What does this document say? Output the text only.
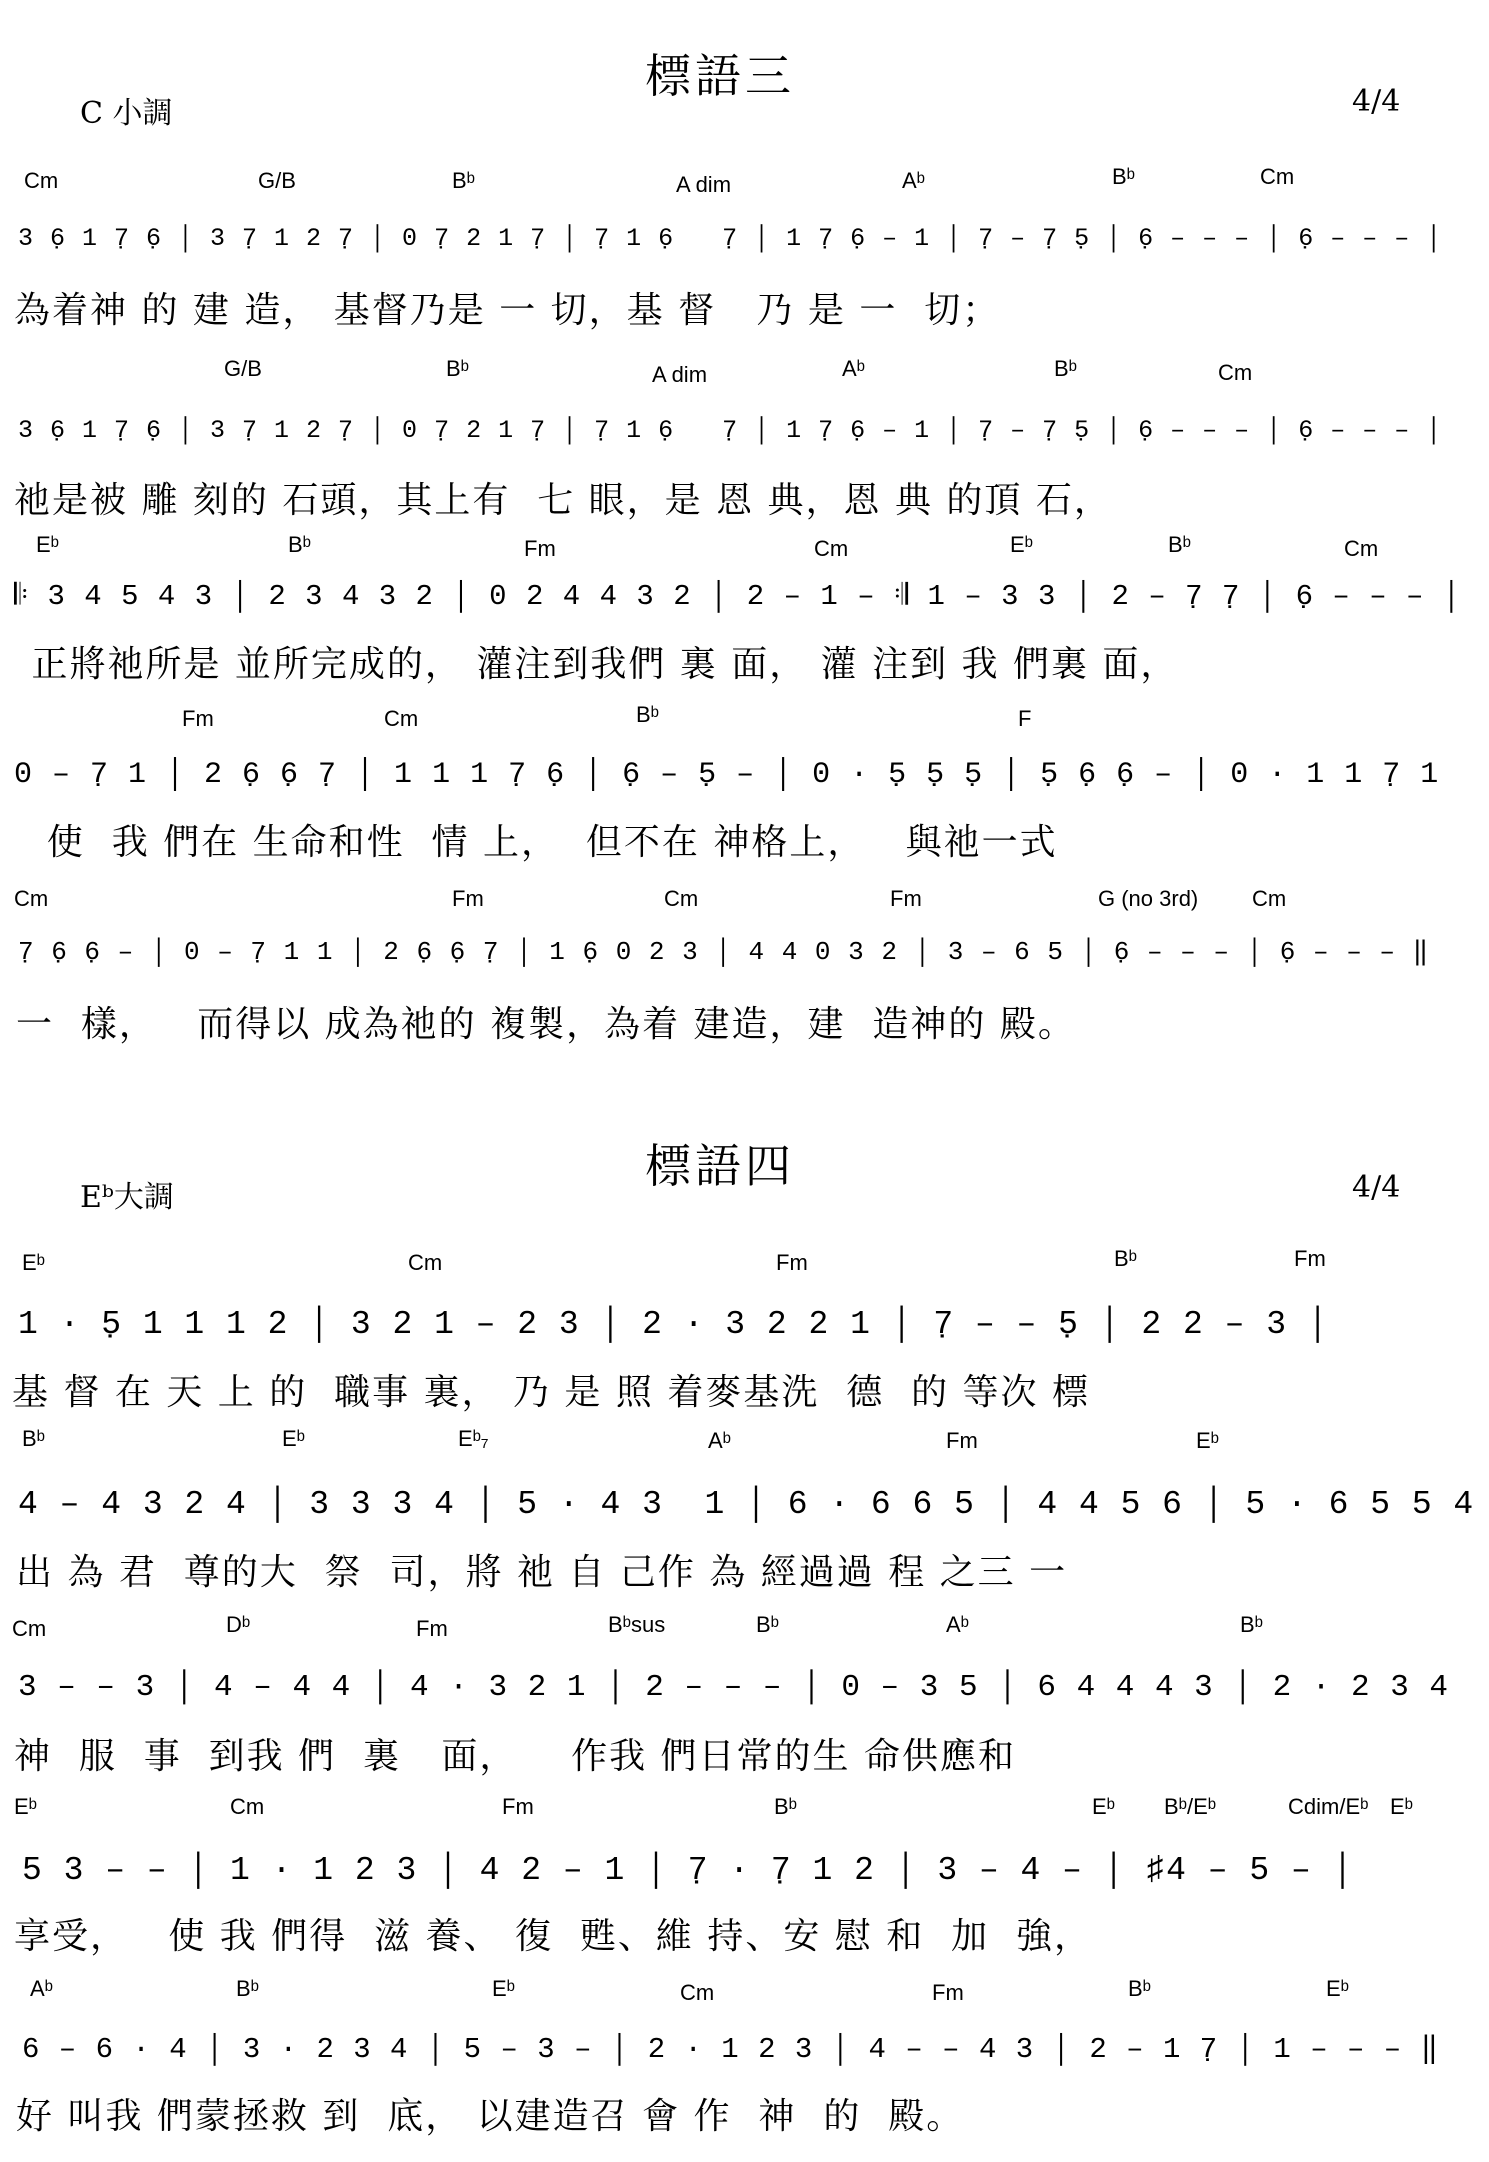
標語三
C 小調	4/4
Cm	G/B	Bᵇ	A dim	Aᵇ	Bᵇ	Cm
3 6̣ 1 7̣ 6̣ │ 3 7̣ 1 2 7̣ │ 0 7̣ 2 1 7̣ │ 7̣ 1 6̣   7̣ │ 1 7̣ 6̣ – 1 │ 7̣ – 7̣ 5̣ │ 6̣ – – – │ 6̣ – – – │
為着神 的 建 造， 基督乃是 一 切，基 督   乃 是 一  切；
G/B	Bᵇ	A dim	Aᵇ	Bᵇ	Cm
3 6̣ 1 7̣ 6̣ │ 3 7̣ 1 2 7̣ │ 0 7̣ 2 1 7̣ │ 7̣ 1 6̣   7̣ │ 1 7̣ 6̣ – 1 │ 7̣ – 7̣ 5̣ │ 6̣ – – – │ 6̣ – – – │
祂是被 雕 刻的 石頭，其上有  七 眼，是 恩 典，恩 典 的頂 石，
Eᵇ	Bᵇ	Fm	Cm	Eᵇ	Bᵇ	Cm
𝄆 3 4 5 4 3 │ 2 3 4 3 2 │ 0 2 4 4 3 2 │ 2 – 1 – 𝄇 1 – 3 3 │ 2 – 7̣ 7̣ │ 6̣ – – – │
正將祂所是 並所完成的， 灌注到我們 裏 面， 灌 注到 我 們裏 面，
Fm	Cm	Bᵇ	F
0 – 7̣ 1 │ 2 6̣ 6̣ 7̣ │ 1 1 1 7̣ 6̣ │ 6̣ – 5̣ – │ 0 · 5̣ 5̣ 5̣ │ 5̣ 6̣ 6̣ – │ 0 · 1 1 7̣ 1
使  我 們在 生命和性  情 上，  但不在 神格上，   與祂一式
Cm	Fm	Cm	Fm	G (no 3rd) Cm
7̣ 6̣ 6̣ – │ 0 – 7̣ 1 1 │ 2 6̣ 6̣ 7̣ │ 1 6̣ 0 2 3 │ 4 4 0 3 2 │ 3 – 6 5 │ 6̣ – – – │ 6̣ – – – ‖
一  樣，   而得以 成為祂的 複製，為着 建造，建  造神的 殿。
標語四
Eᵇ大調	4/4
Eᵇ	Cm	Fm	Bᵇ	Fm
1 · 5̣ 1 1 1 2 │ 3 2 1 – 2 3 │ 2 · 3 2 2 1 │ 7̣ – – 5̣ │ 2 2 – 3 │
基 督 在 天 上 的  職事 裏， 乃 是 照 着麥基洗  德  的 等次 標
Bᵇ	Eᵇ	Eᵇ₇	Aᵇ	Fm	Eᵇ
4 – 4 3 2 4 │ 3 3 3 4 │ 5 · 4 3  1 │ 6 · 6 6 5 │ 4 4 5 6 │ 5 · 6 5 5 4
出 為 君  尊的大  祭  司，將 祂 自 己作 為 經過過 程 之三 一
Cm	Dᵇ	Fm	Bᵇsus	Bᵇ	Aᵇ	Bᵇ
3 – – 3 │ 4 – 4 4 │ 4 · 3 2 1 │ 2 – – – │ 0 – 3 5 │ 6 4 4 4 3 │ 2 · 2 3 4
神  服  事  到我 們  裏   面，    作我 們日常的生 命供應和
Eᵇ	Cm	Fm	Bᵇ	Eᵇ Bᵇ/Eᵇ	Cdim/Eᵇ Eᵇ
5 3 – – │ 1 · 1 2 3 │ 4 2 – 1 │ 7̣ · 7̣ 1 2 │ 3 – 4 – │ ♯4 – 5 – │
享受，   使 我 們得  滋 養、 復  甦、維 持、安 慰 和  加  強，
Aᵇ	Bᵇ	Eᵇ	Cm	Fm	Bᵇ	Eᵇ
6 – 6 · 4 │ 3 · 2 3 4 │ 5 – 3 – │ 2 · 1 2 3 │ 4 – – 4 3 │ 2 – 1 7̣ │ 1 – – – ‖
好 叫我 們蒙拯救 到  底， 以建造召 會 作  神  的  殿。
